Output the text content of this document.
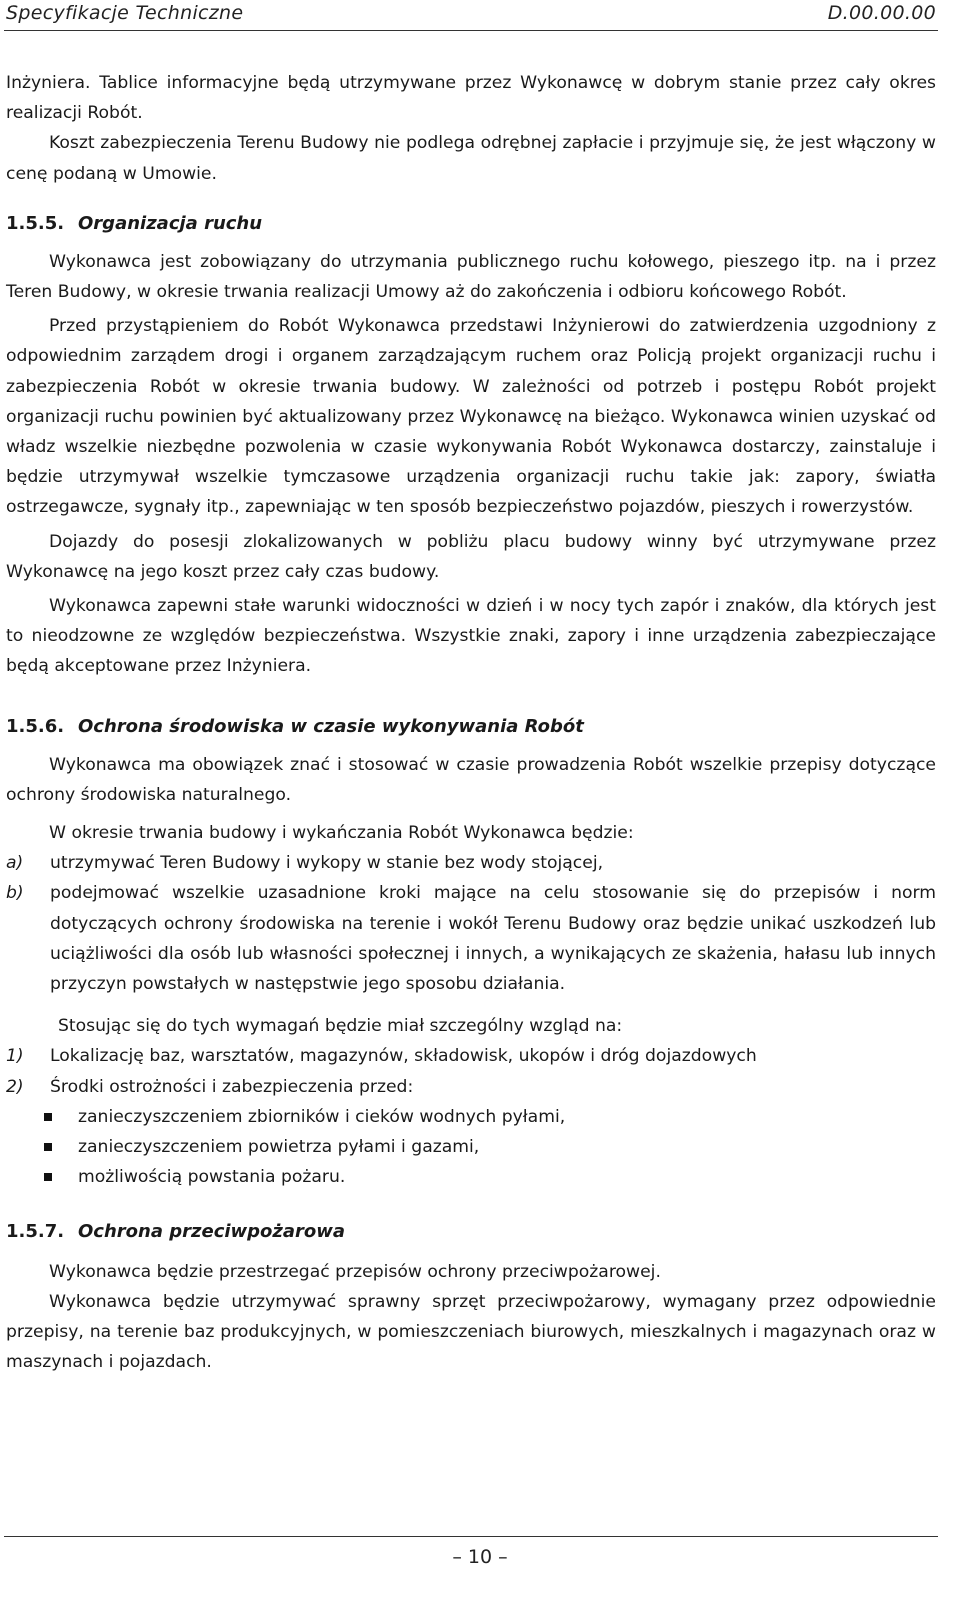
Specyfikacje Techniczne	D.00.00.00

Inżyniera. Tablice informacyjne będą utrzymywane przez Wykonawcę w dobrym stanie przez cały okres realizacji Robót.

Koszt zabezpieczenia Terenu Budowy nie podlega odrębnej zapłacie i przyjmuje się, że jest włączony w cenę podaną w Umowie.

1.5.5. Organizacja ruchu

Wykonawca jest zobowiązany do utrzymania publicznego ruchu kołowego, pieszego itp. na i przez Teren Budowy, w okresie trwania realizacji Umowy aż do zakończenia i odbioru końcowego Robót.

Przed przystąpieniem do Robót Wykonawca przedstawi Inżynierowi do zatwierdzenia uzgodniony z odpowiednim zarządem drogi i organem zarządzającym ruchem oraz Policją projekt organizacji ruchu i zabezpieczenia Robót w okresie trwania budowy. W zależności od potrzeb i postępu Robót projekt organizacji ruchu powinien być aktualizowany przez Wykonawcę na bieżąco. Wykonawca winien uzyskać od władz wszelkie niezbędne pozwolenia w czasie wykonywania Robót Wykonawca dostarczy, zainstaluje i będzie utrzymywał wszelkie tymczasowe urządzenia organizacji ruchu takie jak: zapory, światła ostrzegawcze, sygnały itp., zapewniając w ten sposób bezpieczeństwo pojazdów, pieszych i rowerzystów.

Dojazdy do posesji zlokalizowanych w pobliżu placu budowy winny być utrzymywane przez Wykonawcę na jego koszt przez cały czas budowy.

Wykonawca zapewni stałe warunki widoczności w dzień i w nocy tych zapór i znaków, dla których jest to nieodzowne ze względów bezpieczeństwa. Wszystkie znaki, zapory i inne urządzenia zabezpieczające będą akceptowane przez Inżyniera.

1.5.6. Ochrona środowiska w czasie wykonywania Robót

Wykonawca ma obowiązek znać i stosować w czasie prowadzenia Robót wszelkie przepisy dotyczące ochrony środowiska naturalnego.

W okresie trwania budowy i wykańczania Robót Wykonawca będzie:

a)	utrzymywać Teren Budowy i wykopy w stanie bez wody stojącej,
b)	podejmować wszelkie uzasadnione kroki mające na celu stosowanie się do przepisów i norm dotyczących ochrony środowiska na terenie i wokół Terenu Budowy oraz będzie unikać uszkodzeń lub uciążliwości dla osób lub własności społecznej i innych, a wynikających ze skażenia, hałasu lub innych przyczyn powstałych w następstwie jego sposobu działania.

Stosując się do tych wymagań będzie miał szczególny wzgląd na:

1)	Lokalizację baz, warsztatów, magazynów, składowisk, ukopów i dróg dojazdowych
2)	Środki ostrożności i zabezpieczenia przed:
zanieczyszczeniem zbiorników i cieków wodnych pyłami,
zanieczyszczeniem powietrza pyłami i gazami,
możliwością powstania pożaru.
1.5.7. Ochrona przeciwpożarowa

Wykonawca będzie przestrzegać przepisów ochrony przeciwpożarowej.

Wykonawca będzie utrzymywać sprawny sprzęt przeciwpożarowy, wymagany przez odpowiednie przepisy, na terenie baz produkcyjnych, w pomieszczeniach biurowych, mieszkalnych i magazynach oraz w maszynach i pojazdach.

– 10 –
